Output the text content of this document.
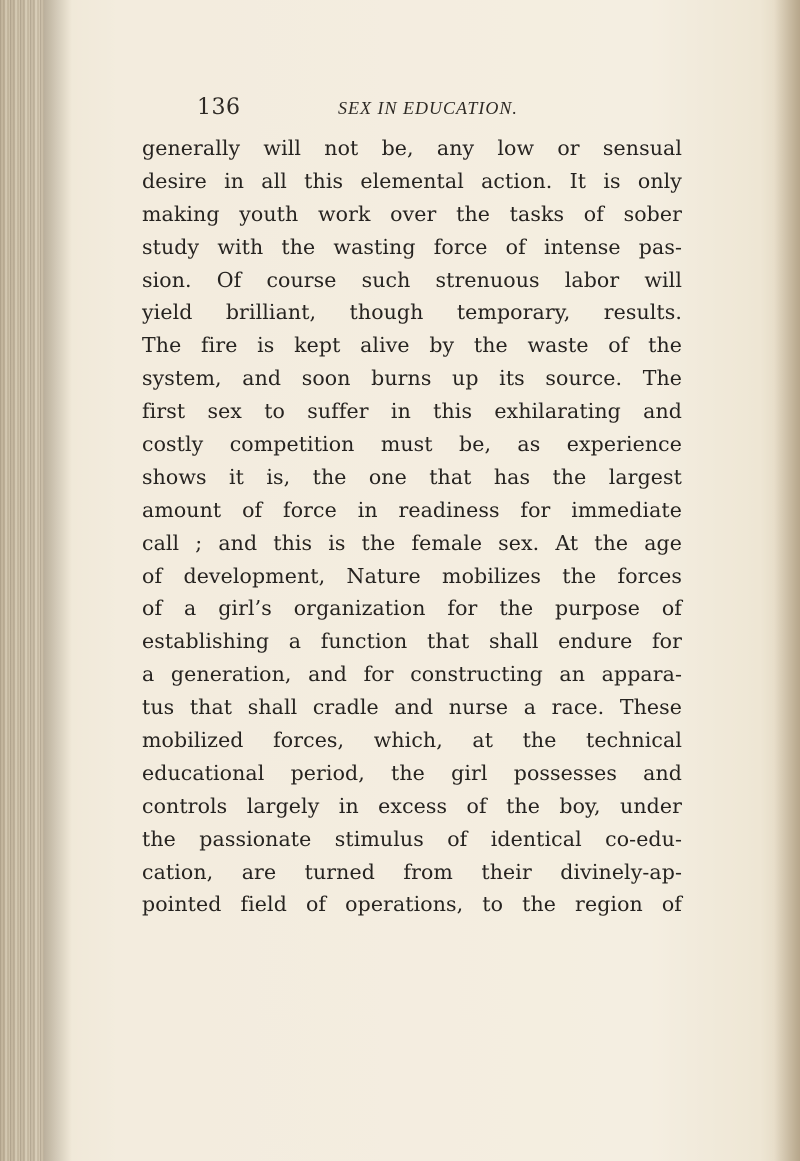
136	SEX IN EDUCATION.
generally will not be, any low or sensual
desire in all this elemental action. It is only
making youth work over the tasks of sober
study with the wasting force of intense pas-
sion. Of course such strenuous labor will
yield brilliant, though temporary, results.
The fire is kept alive by the waste of the
system, and soon burns up its source. The
first sex to suffer in this exhilarating and
costly competition must be, as experience
shows it is, the one that has the largest
amount of force in readiness for immediate
call ; and this is the female sex. At the age
of development, Nature mobilizes the forces
of a girl’s organization for the purpose of
establishing a function that shall endure for
a generation, and for constructing an appara-
tus that shall cradle and nurse a race. These
mobilized forces, which, at the technical
educational period, the girl possesses and
controls largely in excess of the boy, under
the passionate stimulus of identical co-edu-
cation, are turned from their divinely-ap-
pointed field of operations, to the region of
